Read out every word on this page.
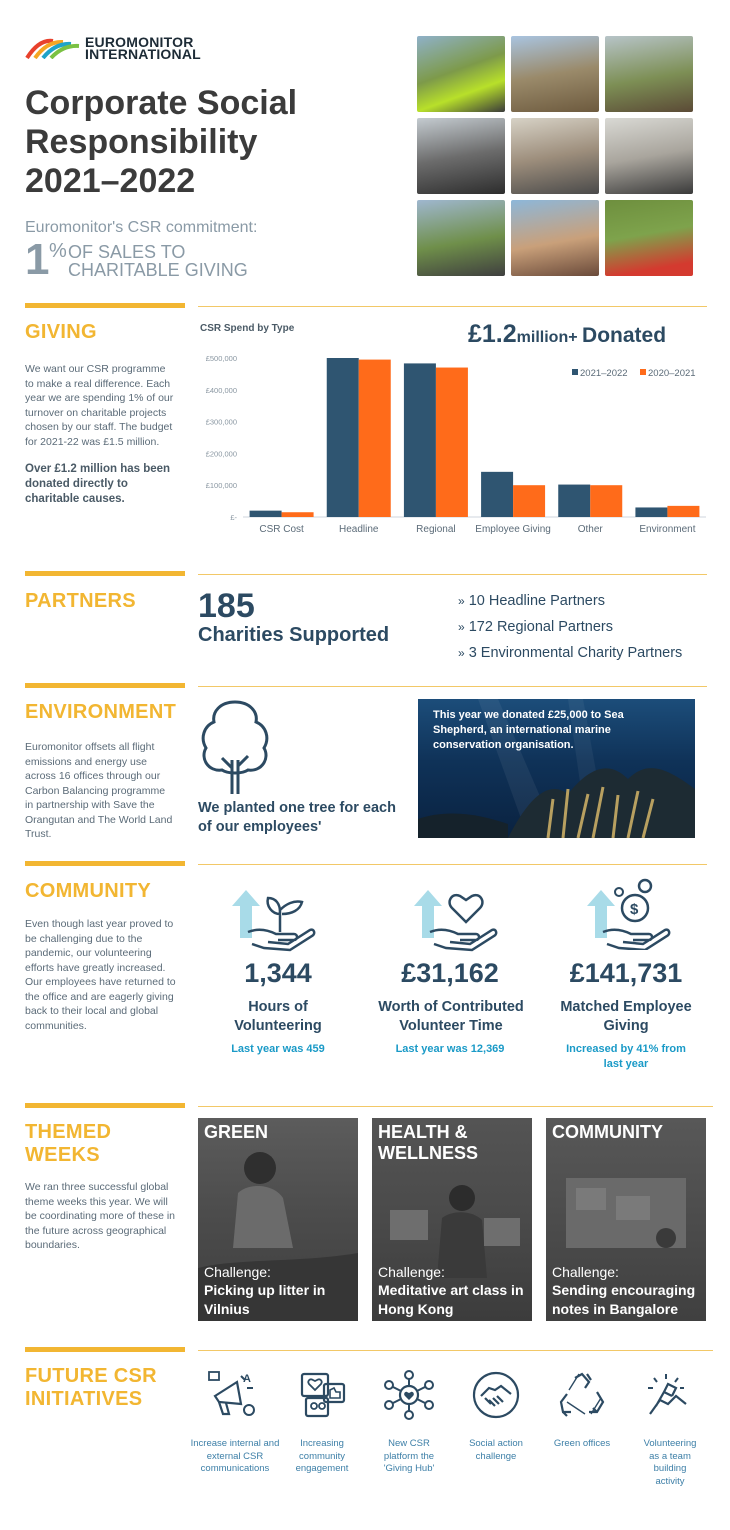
EUROMONITOR
INTERNATIONAL
Corporate Social
Responsibility
2021–2022
Euromonitor's CSR commitment:
1 % OF SALES TO
CHARITABLE GIVING
GIVING
We want our CSR programme to make a real difference. Each year we are spending 1% of our turnover on charitable projects chosen by our staff. The budget for 2021-22 was £1.5 million.
Over £1.2 million has been donated directly to charitable causes.
CSR Spend by Type	£1.2million+ Donated
£-
£100,000
£200,000
£300,000
£400,000
£500,000
CSR Cost	Headline	Regional Employee Giving	Other	Environment
2021–2022 2020–2021
PARTNERS 185
Charities Supported
» 10 Headline Partners
» 172 Regional Partners
» 3 Environmental Charity Partners
ENVIRONMENT
Euromonitor offsets all flight emissions and energy use across 16 offices through our Carbon Balancing programme in partnership with Save the Orangutan and The World Land Trust.
We planted one tree for each of our employees'
This year we donated £25,000 to Sea Shepherd, an international marine conservation organisation.
COMMUNITY
Even though last year proved to be challenging due to the pandemic, our volunteering efforts have greatly increased. Our employees have returned to the office and are eagerly giving back to their local and global communities.
$
1,344
Hours of Volunteering
Last year was 459
£31,162
Worth of Contributed Volunteer Time
Last year was 12,369
£141,731
Matched Employee Giving
Increased by 41% from last year
THEMED
WEEKS
We ran three successful global theme weeks this year. We will be coordinating more of these in the future across geographical boundaries.
GREEN
Challenge:
Picking up litter in Vilnius
HEALTH & WELLNESS
Challenge:
Meditative art class in Hong Kong
COMMUNITY
Challenge:
Sending encouraging notes in Bangalore
FUTURE CSR
INITIATIVES
A
Increase internal and external CSR communications
Increasing community engagement
New CSR platform the 'Giving Hub'
Social action challenge
Green offices	Volunteering as a team building activity
